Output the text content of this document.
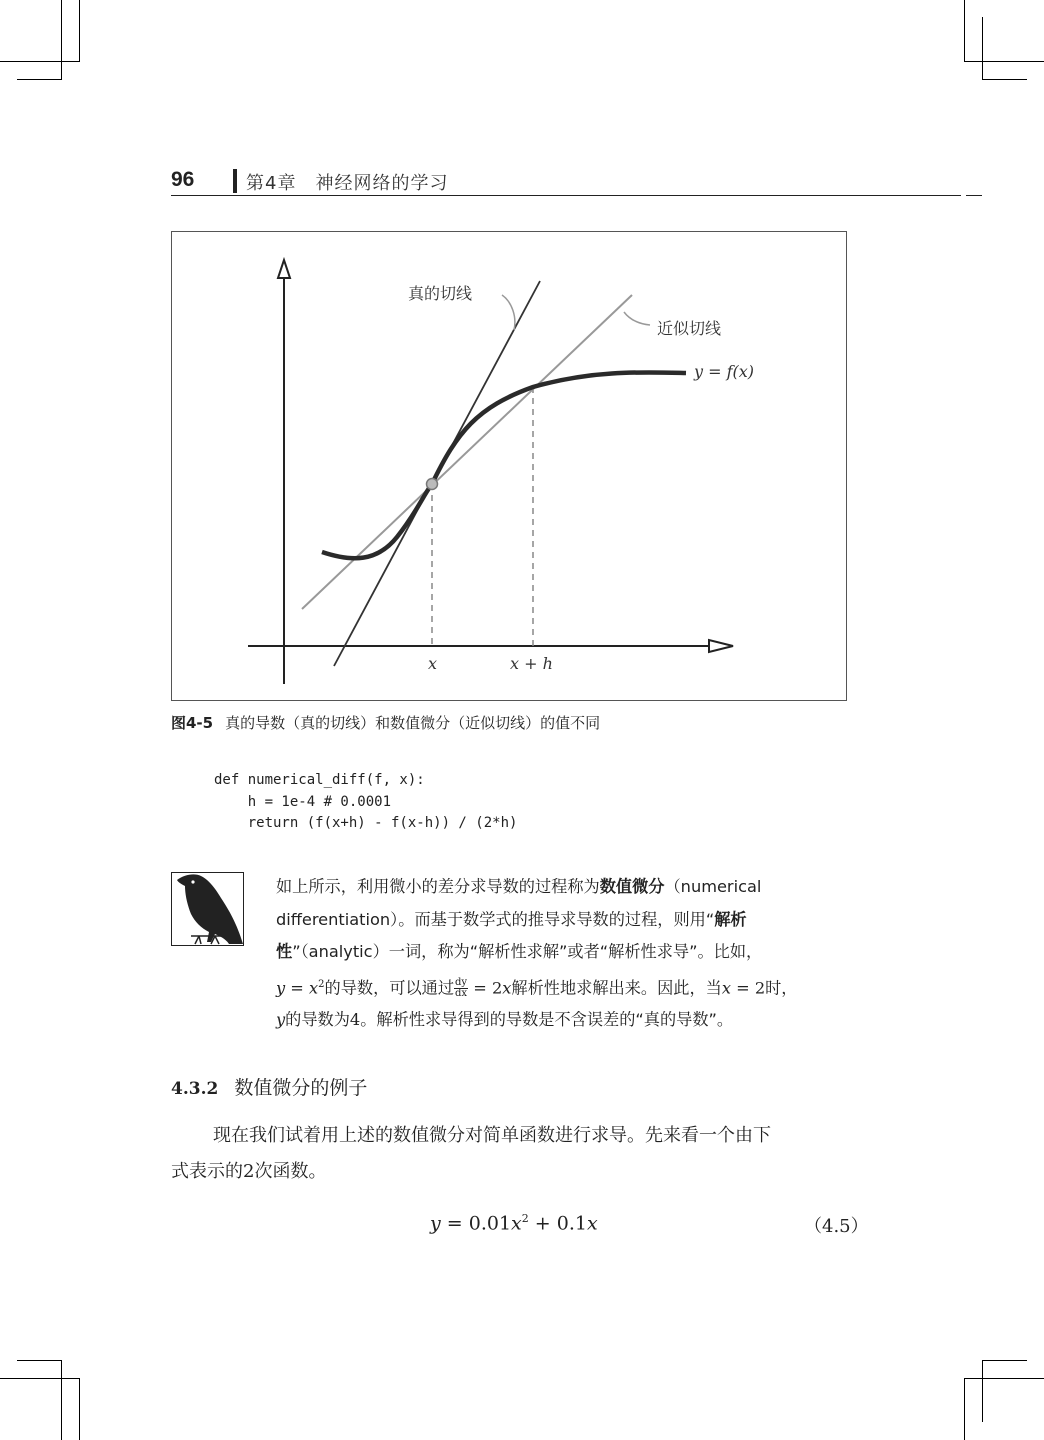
96	第4章　神经网络的学习
真的切线
近似切线
y = f(x)
x	x + h
图4-5 真的导数（真的切线）和数值微分（近似切线）的值不同
def numerical_diff(f, x):
h = 1e-4 # 0.0001
return (f(x+h) - f(x-h)) / (2*h)
如上所示，利用微小的差分求导数的过程称为数值微分（numerical
differentiation）。而基于数学式的推导求导数的过程，则用“解析
性”（analytic）一词，称为“解析性求解”或者“解析性求导”。比如，
$y = x^2$的导数，可以通过 $\frac{dy}{dx} = 2x$解析性地求解出来。因此，当x = 2时，
y的导数为4。解析性求导得到的导数是不含误差的“真的导数”。
4.3.2 数值微分的例子
现在我们试着用上述的数值微分对简单函数进行求导。先来看一个由下
式表示的2次函数。
$y = 0.01x^2 + 0.1x$	（4.5）
